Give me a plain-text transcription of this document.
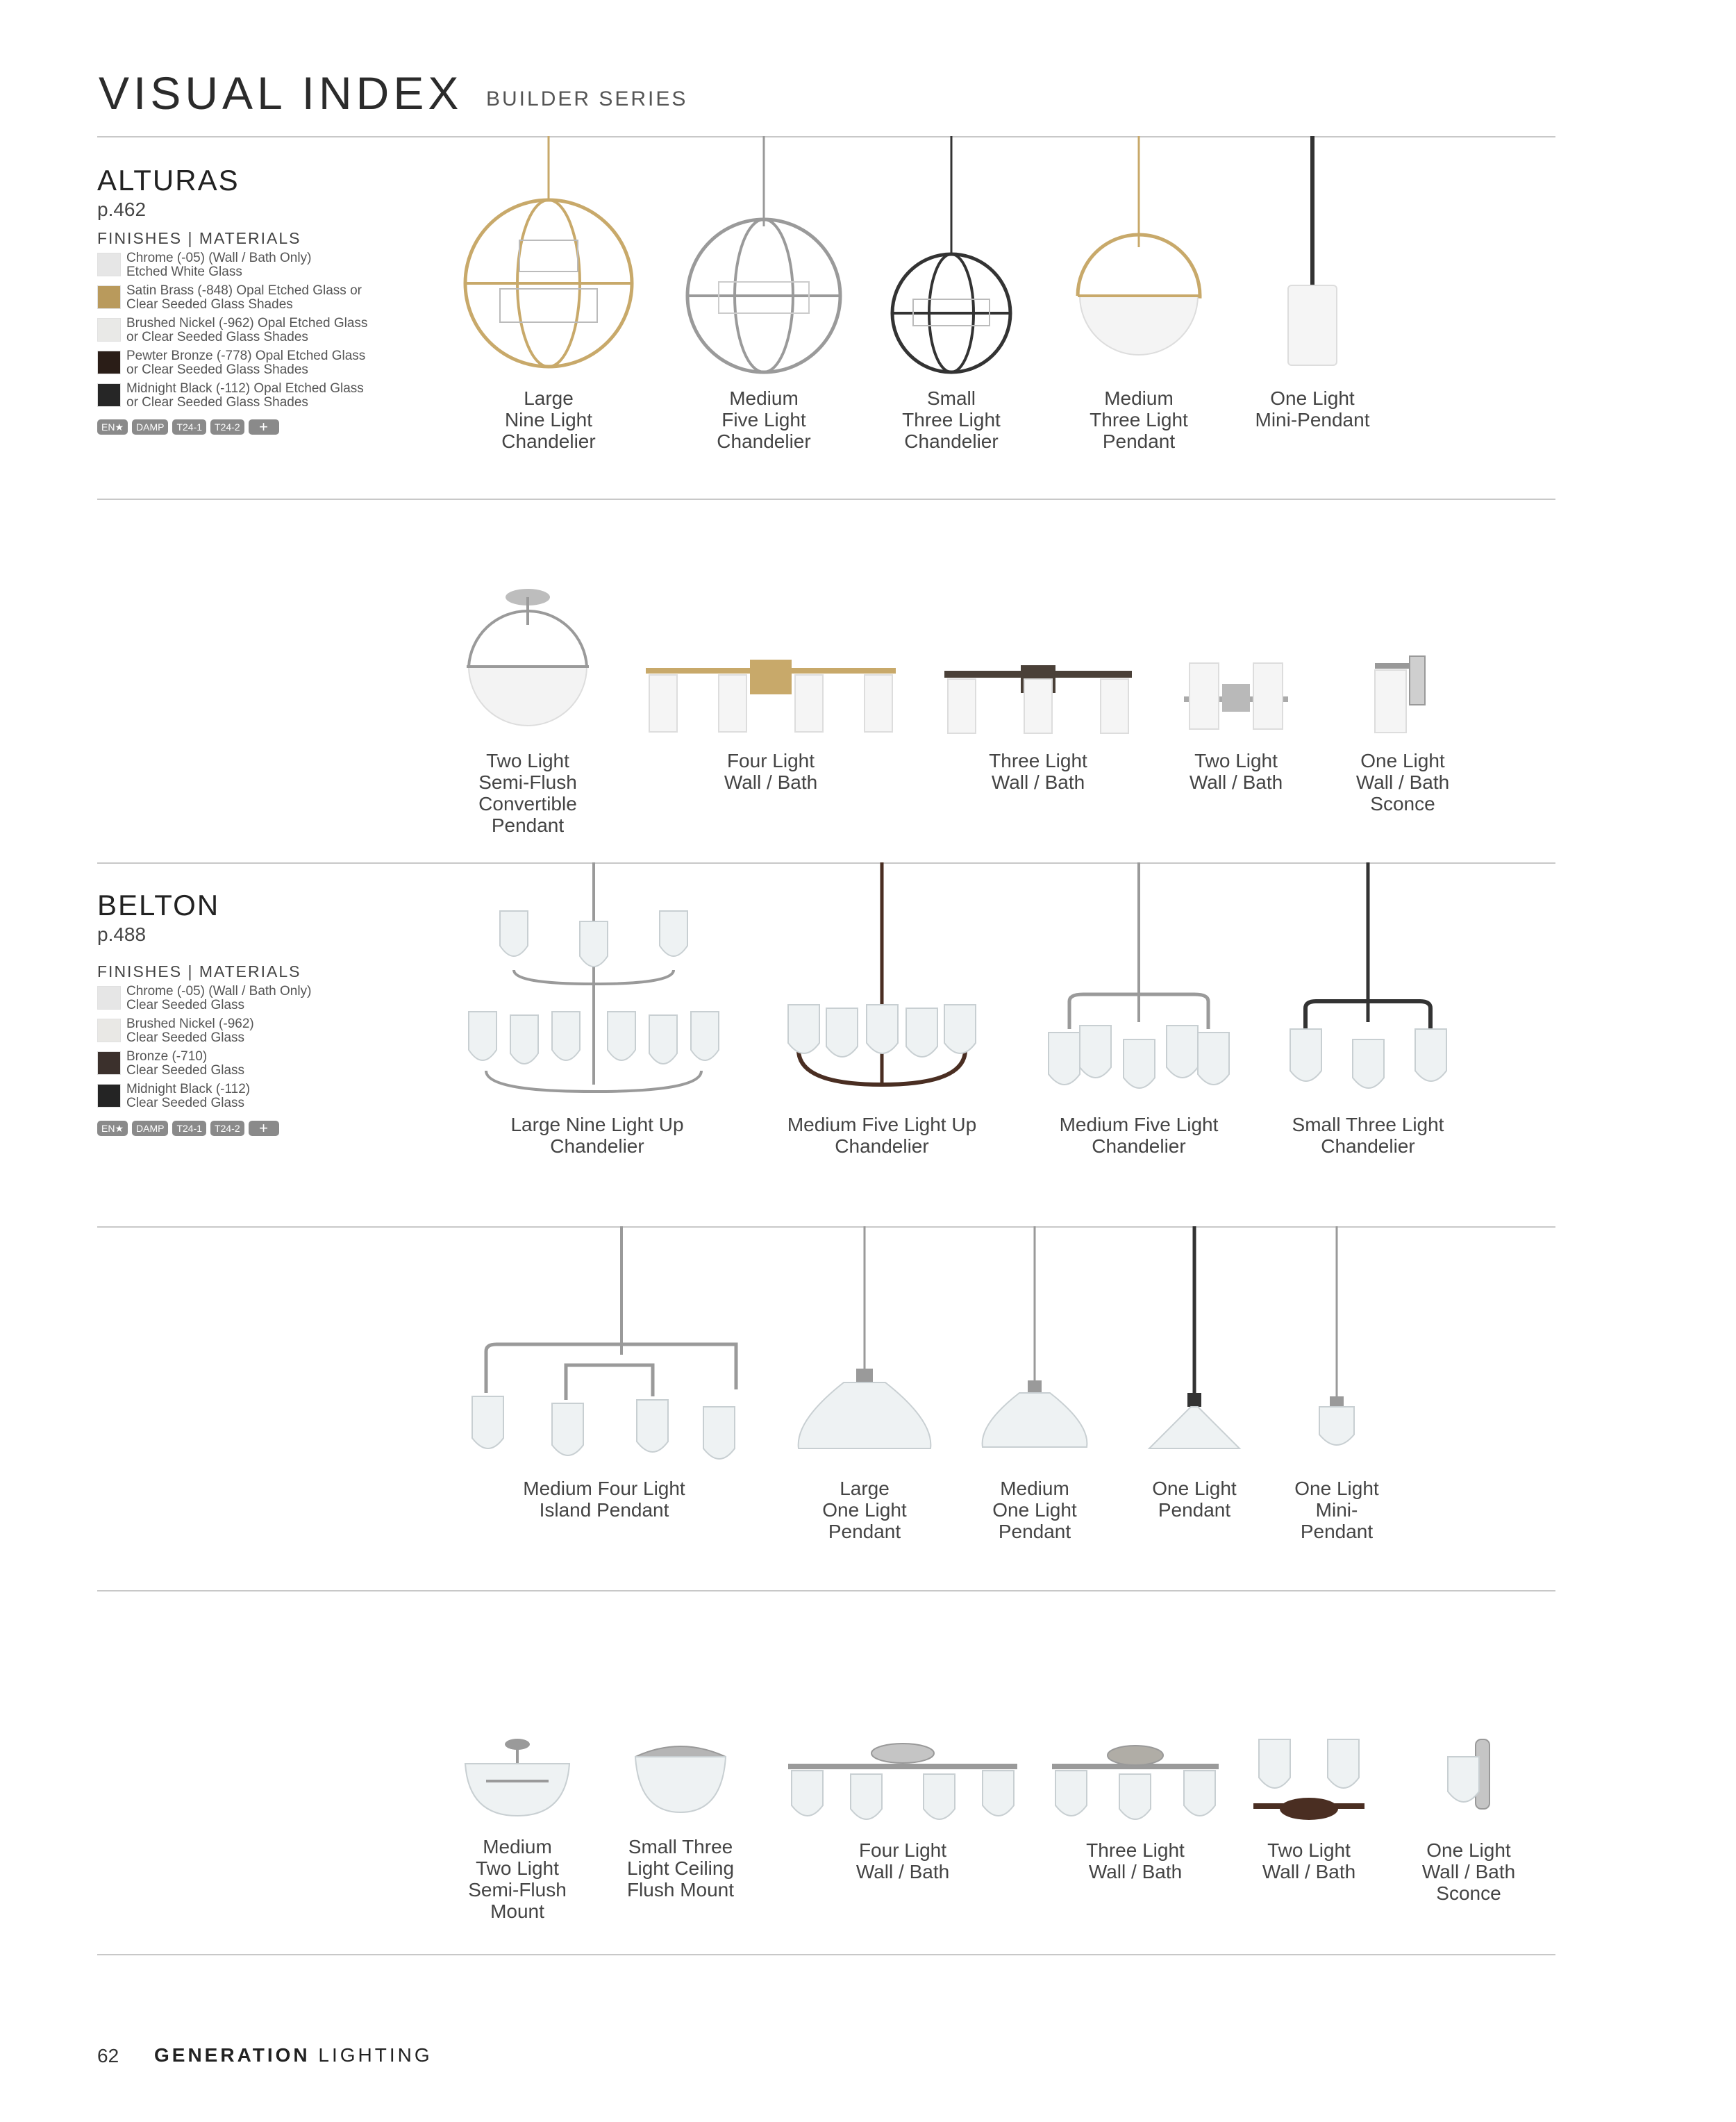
VISUAL INDEX BUILDER SERIES
ALTURAS
p.462
FINISHES | MATERIALS
Chrome (-05) (Wall / Bath Only)
Etched White Glass
Satin Brass (-848) Opal Etched Glass or
Clear Seeded Glass Shades
Brushed Nickel (-962) Opal Etched Glass
or Clear Seeded Glass Shades
Pewter Bronze (-778) Opal Etched Glass
or Clear Seeded Glass Shades
Midnight Black (-112) Opal Etched Glass
or Clear Seeded Glass Shades
EN★ DAMP T24-1 T24-2 +
Large
Nine Light
Chandelier
Medium
Five Light
Chandelier
Small
Three Light
Chandelier
Medium
Three Light
Pendant
One Light
Mini-Pendant
Two Light
Semi-Flush
Convertible
Pendant
Four Light
Wall / Bath
Three Light
Wall / Bath
Two Light
Wall / Bath
One Light
Wall / Bath
Sconce
BELTON
p.488
FINISHES | MATERIALS
Chrome (-05) (Wall / Bath Only)
Clear Seeded Glass
Brushed Nickel (-962)
Clear Seeded Glass
Bronze (-710)
Clear Seeded Glass
Midnight Black (-112)
Clear Seeded Glass
EN★ DAMP T24-1 T24-2 +	Large Nine Light Up
Chandelier
Medium Five Light Up
Chandelier
Medium Five Light
Chandelier
Small Three Light
Chandelier
Medium Four Light
Island Pendant
Large
One Light
Pendant
Medium
One Light
Pendant
One Light
Pendant
One Light
Mini-
Pendant
Medium
Two Light
Semi-Flush
Mount
Small Three
Light Ceiling
Flush Mount
Four Light
Wall / Bath
Three Light
Wall / Bath
Two Light
Wall / Bath
One Light
Wall / Bath
Sconce
62 GENERATION LIGHTING
